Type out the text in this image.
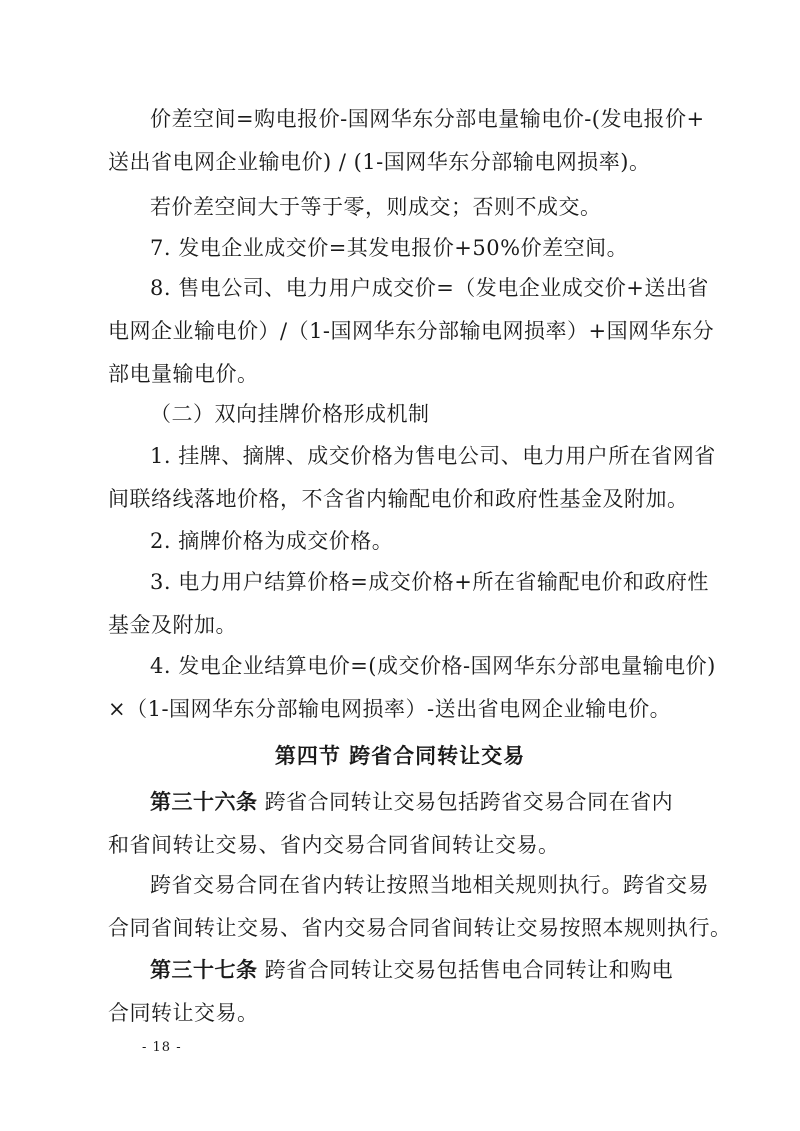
价差空间=购电报价-国网华东分部电量输电价-(发电报价+
送出省电网企业输电价) / (1-国网华东分部输电网损率)。

若价差空间大于等于零，则成交；否则不成交。

7. 发电企业成交价=其发电报价+50%价差空间。

8. 售电公司、电力用户成交价=（发电企业成交价+送出省
电网企业输电价）/（1-国网华东分部输电网损率）+国网华东分
部电量输电价。

（二）双向挂牌价格形成机制

1. 挂牌、摘牌、成交价格为售电公司、电力用户所在省网省
间联络线落地价格，不含省内输配电价和政府性基金及附加。

2. 摘牌价格为成交价格。

3. 电力用户结算价格=成交价格+所在省输配电价和政府性
基金及附加。

4. 发电企业结算电价=(成交价格-国网华东分部电量输电价)
×（1-国网华东分部输电网损率）-送出省电网企业输电价。

第四节 跨省合同转让交易

第三十六条 跨省合同转让交易包括跨省交易合同在省内
和省间转让交易、省内交易合同省间转让交易。

跨省交易合同在省内转让按照当地相关规则执行。跨省交易
合同省间转让交易、省内交易合同省间转让交易按照本规则执行。

第三十七条 跨省合同转让交易包括售电合同转让和购电
合同转让交易。

- 18 -
